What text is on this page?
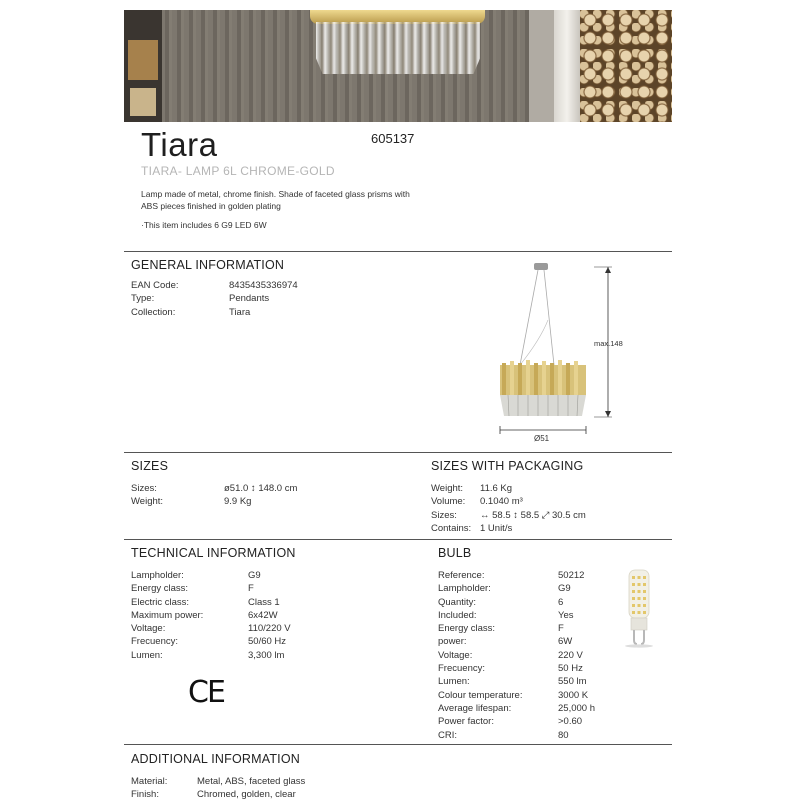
Tiara	605137
TIARA- LAMP 6L CHROME-GOLD
Lamp made of metal, chrome finish. Shade of faceted glass prisms with ABS pieces finished in golden plating
·This item includes 6 G9 LED 6W
GENERAL INFORMATION
EAN Code:	8435435336974
Type:	Pendants
Collection:	Tiara
Ø51
max.148
SIZES
Sizes:	ø51.0 ↕ 148.0 cm
Weight:	9.9 Kg
SIZES WITH PACKAGING
Weight:	11.6 Kg
Volume:	0.1040 m³
Sizes:	↔ 58.5 ↕ 58.5 ⤢ 30.5 cm
Contains: 1 Unit/s
TECHNICAL INFORMATION
Lampholder:	G9
Energy class:	F
Electric class:	Class 1
Maximum power:	6x42W
Voltage:	110/220 V
Frecuency:	50/60 Hz
Lumen:	3,300 lm
CE
BULB
Reference:	50212
Lampholder:	G9
Quantity:	6
Included:	Yes
Energy class:	F
power:	6W
Voltage:	220 V
Frecuency:	50 Hz
Lumen:	550 lm
Colour temperature:	3000 K
Average lifespan:	25,000 h
Power factor:	>0.60
CRI:	80
ADDITIONAL INFORMATION
Material:	Metal, ABS, faceted glass
Finish:	Chromed, golden, clear
